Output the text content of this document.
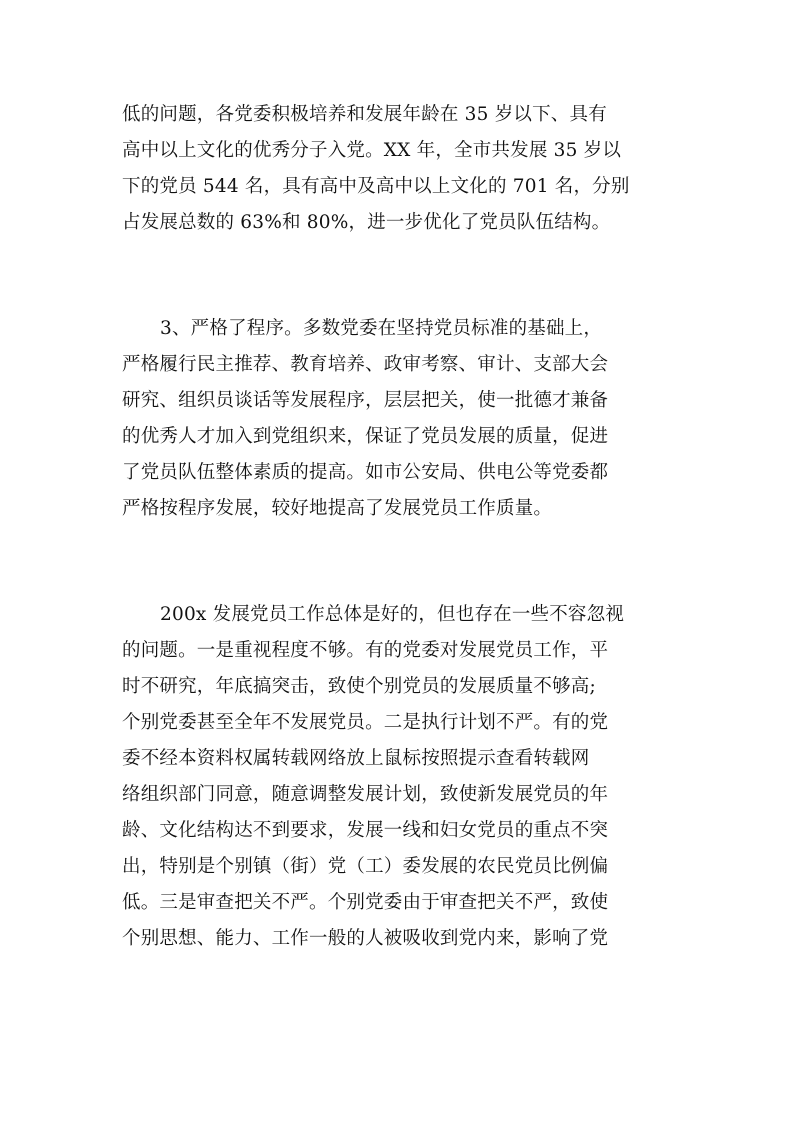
低的问题，各党委积极培养和发展年龄在 35 岁以下、具有
高中以上文化的优秀分子入党。XX 年，全市共发展 35 岁以
下的党员 544 名，具有高中及高中以上文化的 701 名，分别
占发展总数的 63%和 80%，进一步优化了党员队伍结构。
3、严格了程序。多数党委在坚持党员标准的基础上，
严格履行民主推荐、教育培养、政审考察、审计、支部大会
研究、组织员谈话等发展程序，层层把关，使一批德才兼备
的优秀人才加入到党组织来，保证了党员发展的质量，促进
了党员队伍整体素质的提高。如市公安局、供电公等党委都
严格按程序发展，较好地提高了发展党员工作质量。
200x 发展党员工作总体是好的，但也存在一些不容忽视
的问题。一是重视程度不够。有的党委对发展党员工作，平
时不研究，年底搞突击，致使个别党员的发展质量不够高;
个别党委甚至全年不发展党员。二是执行计划不严。有的党
委不经本资料权属转载网络放上鼠标按照提示查看转载网
络组织部门同意，随意调整发展计划，致使新发展党员的年
龄、文化结构达不到要求，发展一线和妇女党员的重点不突
出，特别是个别镇（街）党（工）委发展的农民党员比例偏
低。三是审查把关不严。个别党委由于审查把关不严，致使
个别思想、能力、工作一般的人被吸收到党内来，影响了党
